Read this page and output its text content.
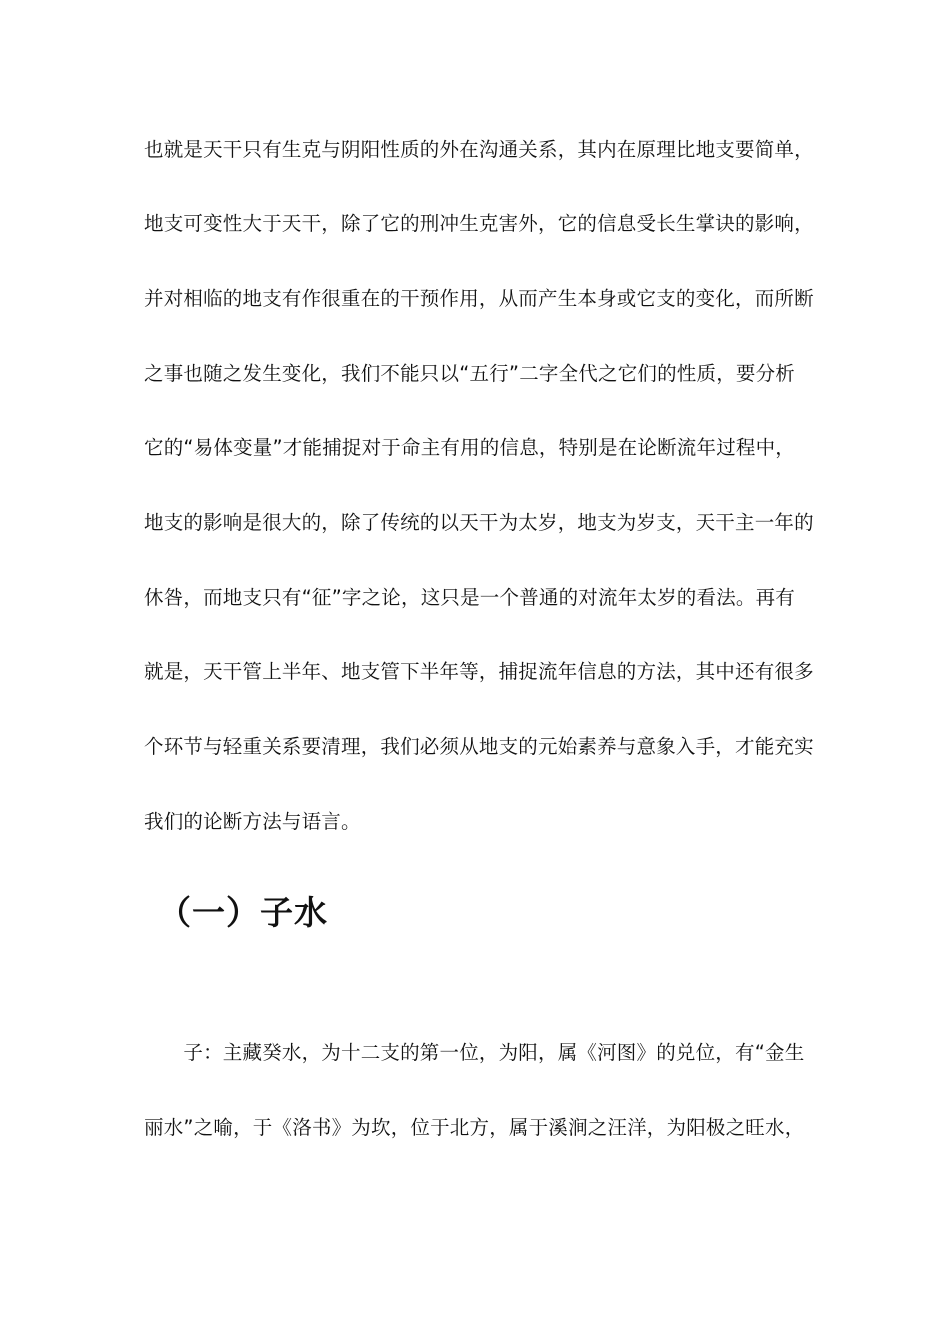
也就是天干只有生克与阴阳性质的外在沟通关系，其内在原理比地支要简单，
地支可变性大于天干，除了它的刑冲生克害外，它的信息受长生掌诀的影响，
并对相临的地支有作很重在的干预作用，从而产生本身或它支的变化，而所断
之事也随之发生变化，我们不能只以“五行”二字全代之它们的性质，要分析
它的“易体变量”才能捕捉对于命主有用的信息，特别是在论断流年过程中，
地支的影响是很大的，除了传统的以天干为太岁，地支为岁支，天干主一年的
休咎，而地支只有“征”字之论，这只是一个普通的对流年太岁的看法。再有
就是，天干管上半年、地支管下半年等，捕捉流年信息的方法，其中还有很多
个环节与轻重关系要清理，我们必须从地支的元始素养与意象入手，才能充实
我们的论断方法与语言。
（一）子水
　　子：主藏癸水，为十二支的第一位，为阳，属《河图》的兑位，有“金生
丽水”之喻，于《洛书》为坎，位于北方，属于溪涧之汪洋，为阳极之旺水，
